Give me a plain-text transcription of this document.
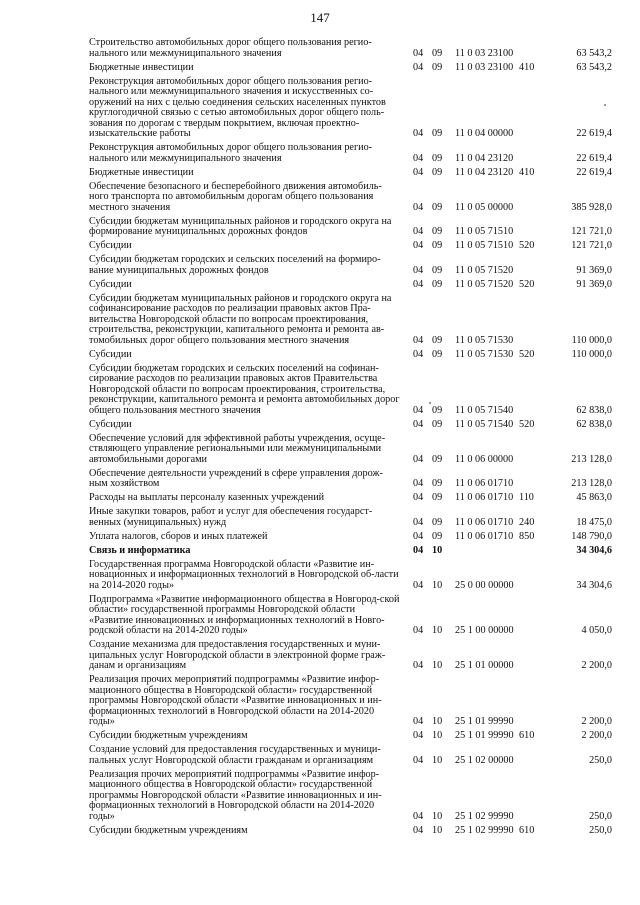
147
Строительство автомобильных дорог общего пользования регио-нального или межмуниципального значения	04 09 11 0 03 23100	63 543,2
Бюджетные инвестиции	04 09 11 0 03 23100 410	63 543,2
Реконструкция автомобильных дорог общего пользования регио-нального или межмуниципального значения и искусственных со-оружений на них с целью соединения сельских населенных пунктов круглогодичной связью с сетью автомобильных дорог общего поль-зования по дорогам с твердым покрытием, включая проектно-изыскательские работы	04 09 11 0 04 00000	22 619,4
Реконструкция автомобильных дорог общего пользования регио-нального или межмуниципального значения	04 09 11 0 04 23120	22 619,4
Бюджетные инвестиции	04 09 11 0 04 23120 410	22 619,4
Обеспечение безопасного и бесперебойного движения автомобиль-ного транспорта по автомобильным дорогам общего пользования местного значения	04 09 11 0 05 00000	385 928,0
Субсидии бюджетам муниципальных районов и городского округа на формирование муниципальных дорожных фондов	04 09 11 0 05 71510	121 721,0
Субсидии	04 09 11 0 05 71510 520	121 721,0
Субсидии бюджетам городских и сельских поселений на формиро-вание муниципальных дорожных фондов	04 09 11 0 05 71520	91 369,0
Субсидии	04 09 11 0 05 71520 520	91 369,0
Субсидии бюджетам муниципальных районов и городского округа на софинансирование расходов по реализации правовых актов Пра-вительства Новгородской области по вопросам проектирования, строительства, реконструкции, капитального ремонта и ремонта ав-томобильных дорог общего пользования местного значения	04 09 11 0 05 71530	110 000,0
Субсидии	04 09 11 0 05 71530 520	110 000,0
Субсидии бюджетам городских и сельских поселений на софинан-сирование расходов по реализации правовых актов Правительства Новгородской области по вопросам проектирования, строительства, реконструкции, капитального ремонта и ремонта автомобильных дорог общего пользования местного значения	04 09 11 0 05 71540	62 838,0
Субсидии	04 09 11 0 05 71540 520	62 838,0
Обеспечение условий для эффективной работы учреждения, осуще-ствляющего управление региональными или межмуниципальными автомобильными дорогами	04 09 11 0 06 00000	213 128,0
Обеспечение деятельности учреждений в сфере управления дорож-ным хозяйством	04 09 11 0 06 01710	213 128,0
Расходы на выплаты персоналу казенных учреждений	04 09 11 0 06 01710 110	45 863,0
Иные закупки товаров, работ и услуг для обеспечения государст-венных (муниципальных) нужд	04 09 11 0 06 01710 240	18 475,0
Уплата налогов, сборов и иных платежей	04 09 11 0 06 01710 850	148 790,0
Связь и информатика	04 10	34 304,6
Государственная программа Новгородской области «Развитие ин-новационных и информационных технологий в Новгородской об-ласти на 2014-2020 годы»	04 10 25 0 00 00000	34 304,6
Подпрограмма «Развитие информационного общества в Новгород-ской области» государственной программы Новгородской области «Развитие инновационных и информационных технологий в Новго-родской области на 2014-2020 годы»	04 10 25 1 00 00000	4 050,0
Создание механизма для предоставления государственных и муни-ципальных услуг Новгородской области в электронной форме граж-данам и организациям	04 10 25 1 01 00000	2 200,0
Реализация прочих мероприятий подпрограммы «Развитие инфор-мационного общества в Новгородской области» государственной программы Новгородской области «Развитие инновационных и ин-формационных технологий в Новгородской области на 2014-2020 годы»	04 10 25 1 01 99990	2 200,0
Субсидии бюджетным учреждениям	04 10 25 1 01 99990 610	2 200,0
Создание условий для предоставления государственных и муници-пальных услуг Новгородской области гражданам и организациям	04 10 25 1 02 00000	250,0
Реализация прочих мероприятий подпрограммы «Развитие инфор-мационного общества в Новгородской области» государственной программы Новгородской области «Развитие инновационных и ин-формационных технологий в Новгородской области на 2014-2020 годы»	04 10 25 1 02 99990	250,0
Субсидии бюджетным учреждениям	04 10 25 1 02 99990 610	250,0
